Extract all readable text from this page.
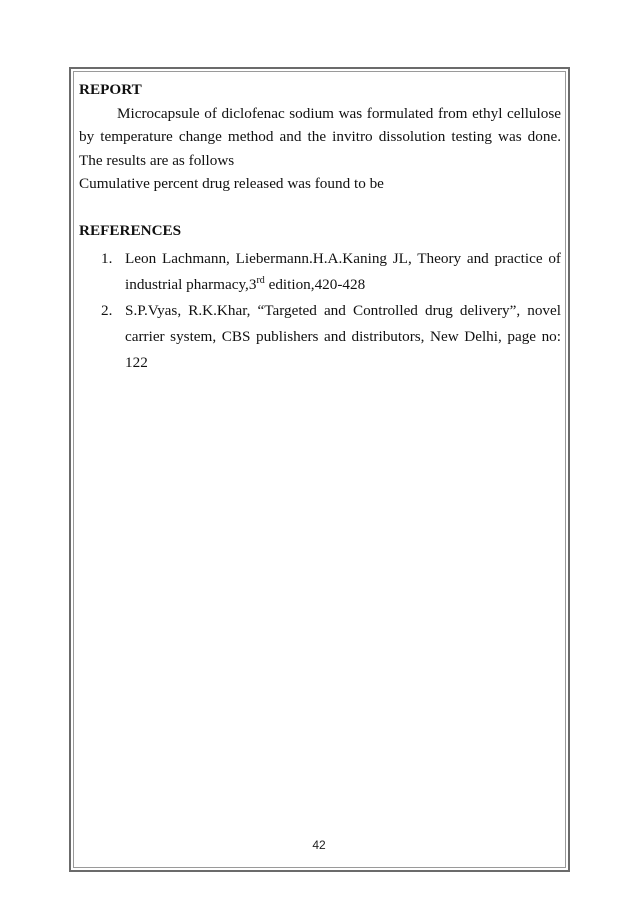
REPORT

Microcapsule of diclofenac sodium was formulated from ethyl cellulose by temperature change method and the invitro dissolution testing was done. The results are as follows

Cumulative percent drug released was found to be

REFERENCES

1. Leon Lachmann, Liebermann.H.A.Kaning JL, Theory and practice of industrial pharmacy,3rd edition,420-428
2. S.P.Vyas, R.K.Khar, “Targeted and Controlled drug delivery”, novel carrier system, CBS publishers and distributors, New Delhi, page no: 122
42
